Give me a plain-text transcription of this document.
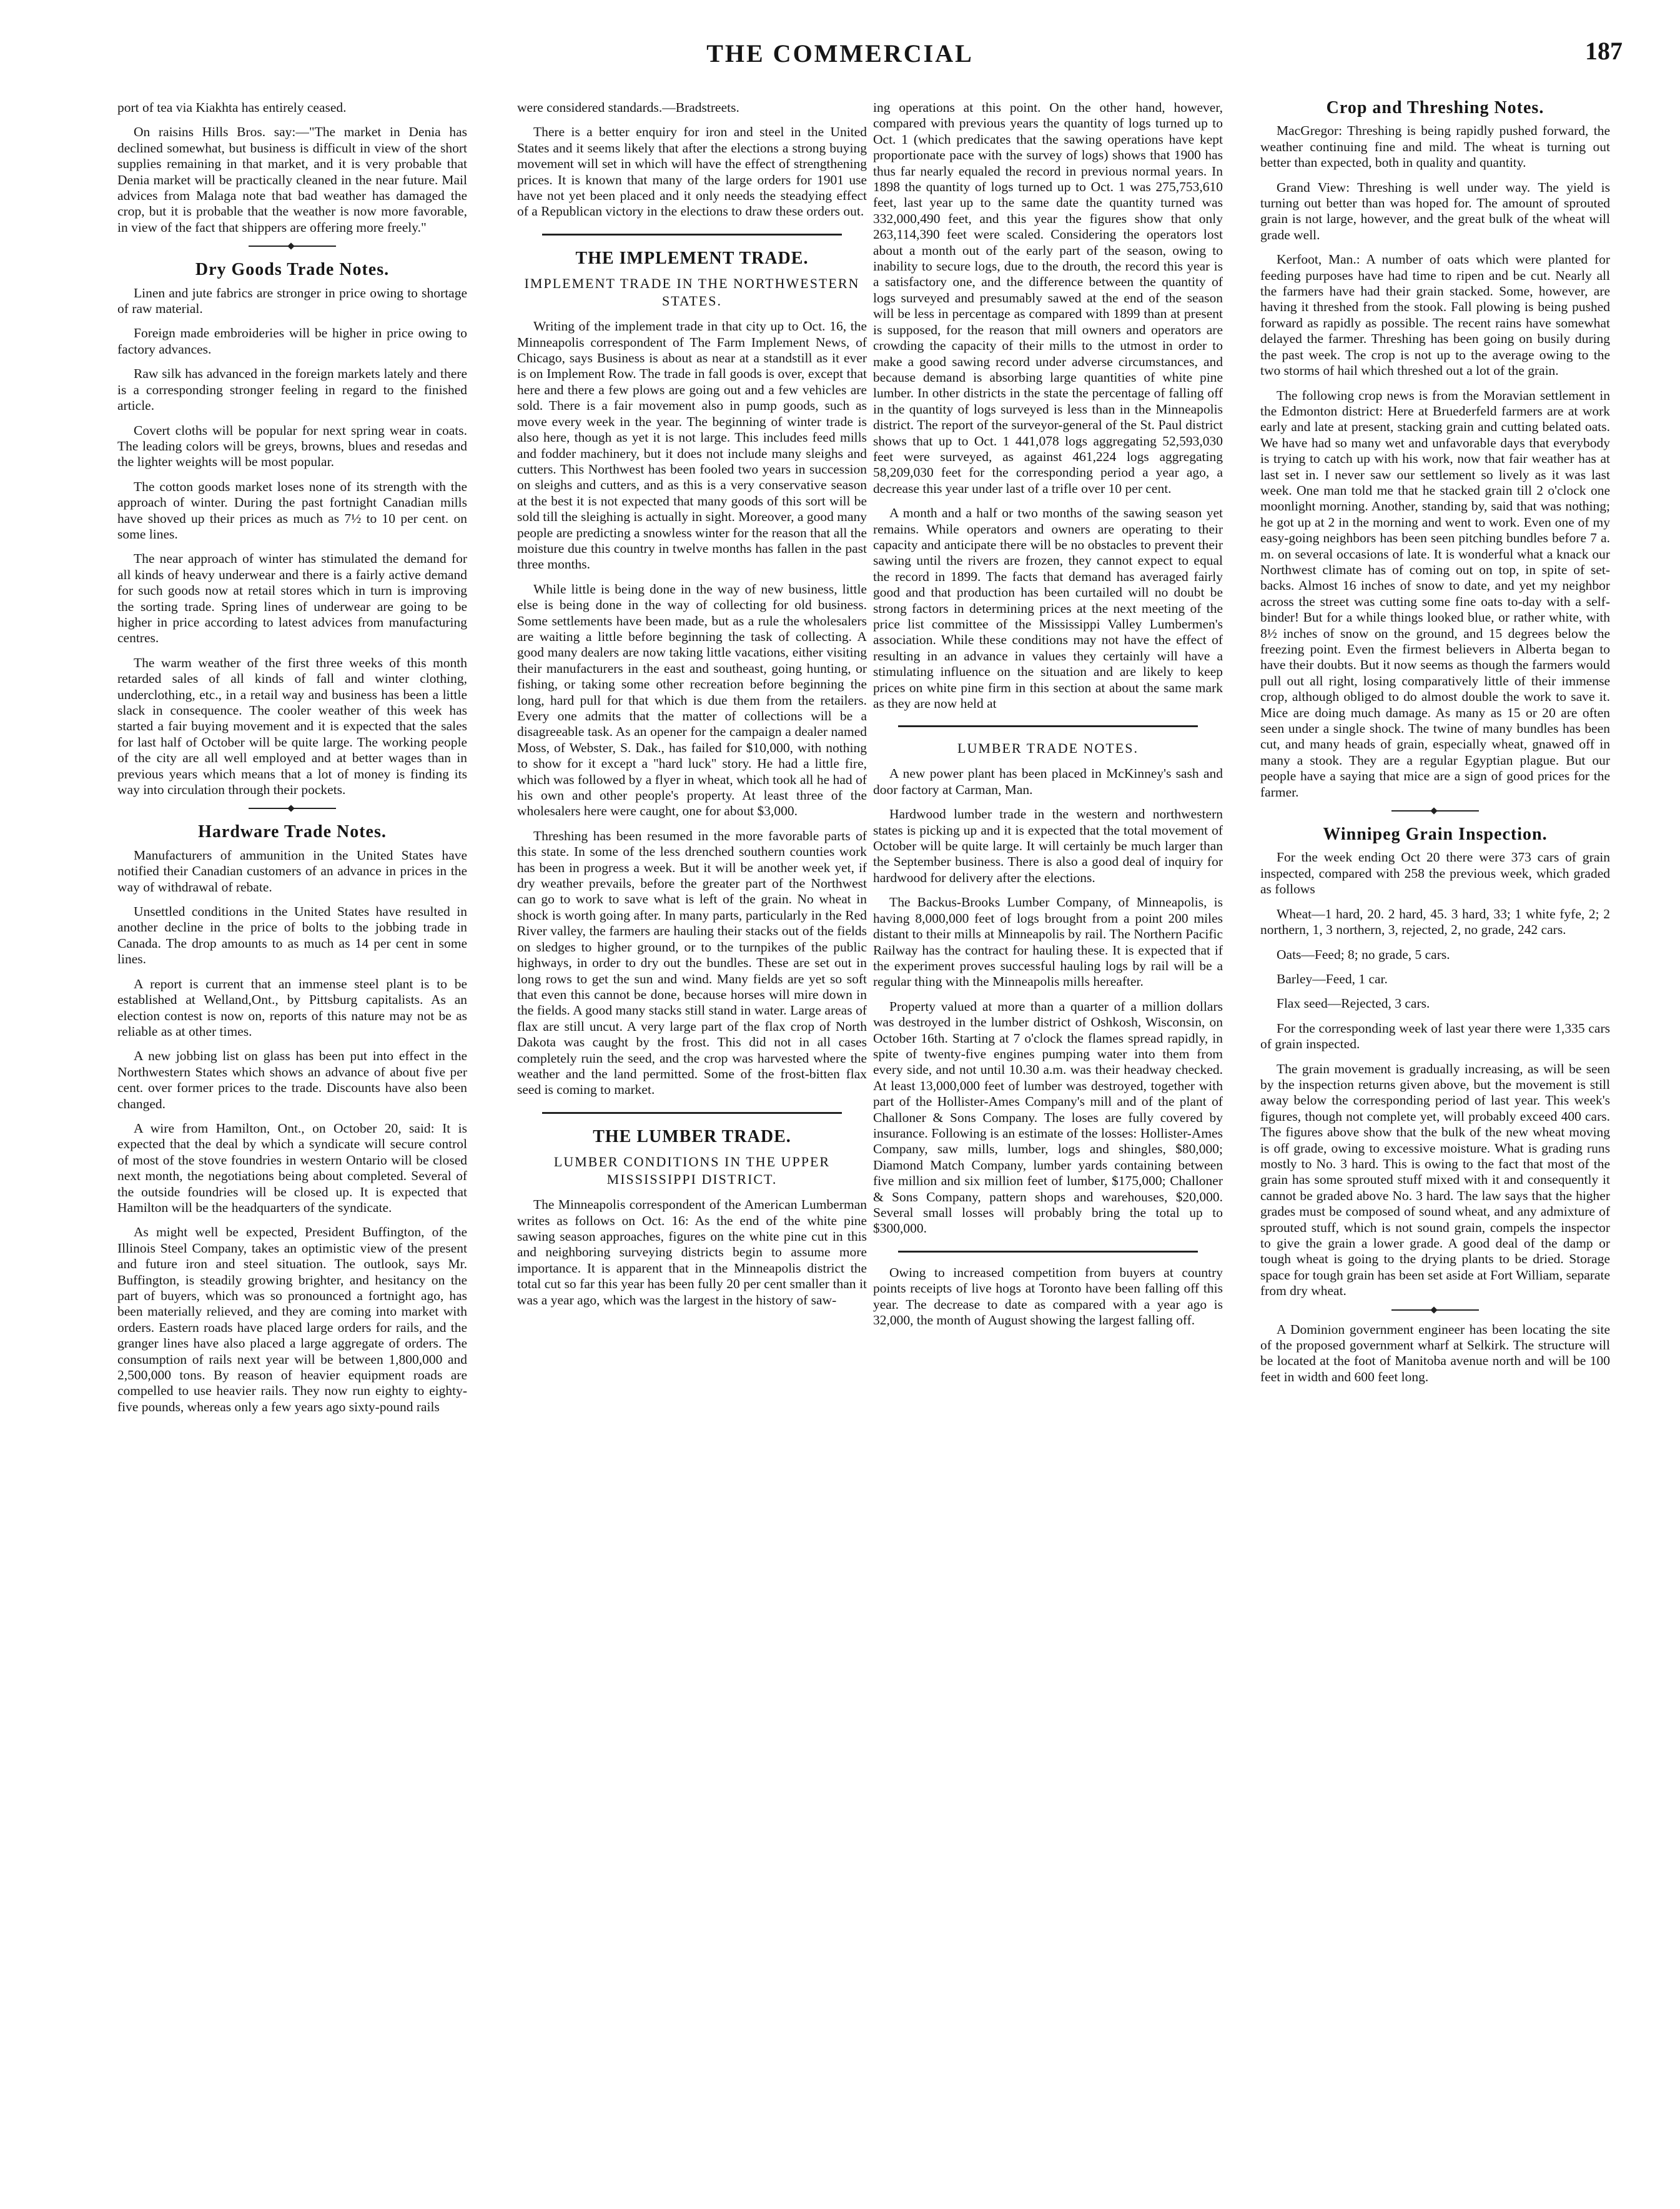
THE COMMERCIAL	187

port of tea via Kiakhta has entirely ceased.

On raisins Hills Bros. say:—"The market in Denia has declined somewhat, but business is difficult in view of the short supplies remaining in that market, and it is very probable that Denia market will be practically cleaned in the near future. Mail advices from Malaga note that bad weather has damaged the crop, but it is probable that the weather is now more favorable, in view of the fact that shippers are offering more freely."

Dry Goods Trade Notes.

Linen and jute fabrics are stronger in price owing to shortage of raw material.

Foreign made embroideries will be higher in price owing to factory advances.

Raw silk has advanced in the foreign markets lately and there is a corresponding stronger feeling in regard to the finished article.

Covert cloths will be popular for next spring wear in coats. The leading colors will be greys, browns, blues and resedas and the lighter weights will be most popular.

The cotton goods market loses none of its strength with the approach of winter. During the past fortnight Canadian mills have shoved up their prices as much as 7½ to 10 per cent. on some lines.

The near approach of winter has stimulated the demand for all kinds of heavy underwear and there is a fairly active demand for such goods now at retail stores which in turn is improving the sorting trade. Spring lines of underwear are going to be higher in price according to latest advices from manufacturing centres.

The warm weather of the first three weeks of this month retarded sales of all kinds of fall and winter clothing, underclothing, etc., in a retail way and business has been a little slack in consequence. The cooler weather of this week has started a fair buying movement and it is expected that the sales for last half of October will be quite large. The working people of the city are all well employed and at better wages than in previous years which means that a lot of money is finding its way into circulation through their pockets.

Hardware Trade Notes.

Manufacturers of ammunition in the United States have notified their Canadian customers of an advance in prices in the way of withdrawal of rebate.

Unsettled conditions in the United States have resulted in another decline in the price of bolts to the jobbing trade in Canada. The drop amounts to as much as 14 per cent in some lines.

A report is current that an immense steel plant is to be established at Welland,Ont., by Pittsburg capitalists. As an election contest is now on, reports of this nature may not be as reliable as at other times.

A new jobbing list on glass has been put into effect in the Northwestern States which shows an advance of about five per cent. over former prices to the trade. Discounts have also been changed.

A wire from Hamilton, Ont., on October 20, said: It is expected that the deal by which a syndicate will secure control of most of the stove foundries in western Ontario will be closed next month, the negotiations being about completed. Several of the outside foundries will be closed up. It is expected that Hamilton will be the headquarters of the syndicate.

As might well be expected, President Buffington, of the Illinois Steel Company, takes an optimistic view of the present and future iron and steel situation. The outlook, says Mr. Buffington, is steadily growing brighter, and hesitancy on the part of buyers, which was so pronounced a fortnight ago, has been materially relieved, and they are coming into market with orders. Eastern roads have placed large orders for rails, and the granger lines have also placed a large aggregate of orders. The consumption of rails next year will be between 1,800,000 and 2,500,000 tons. By reason of heavier equipment roads are compelled to use heavier rails. They now run eighty to eighty-five pounds, whereas only a few years ago sixty-pound rails

were considered standards.—Bradstreets.

There is a better enquiry for iron and steel in the United States and it seems likely that after the elections a strong buying movement will set in which will have the effect of strengthening prices. It is known that many of the large orders for 1901 use have not yet been placed and it only needs the steadying effect of a Republican victory in the elections to draw these orders out.

THE IMPLEMENT TRADE.
IMPLEMENT TRADE IN THE NORTHWESTERN STATES.

Writing of the implement trade in that city up to Oct. 16, the Minneapolis correspondent of The Farm Implement News, of Chicago, says Business is about as near at a standstill as it ever is on Implement Row. The trade in fall goods is over, except that here and there a few plows are going out and a few vehicles are sold. There is a fair movement also in pump goods, such as move every week in the year. The beginning of winter trade is also here, though as yet it is not large. This includes feed mills and fodder machinery, but it does not include many sleighs and cutters. This Northwest has been fooled two years in succession on sleighs and cutters, and as this is a very conservative season at the best it is not expected that many goods of this sort will be sold till the sleighing is actually in sight. Moreover, a good many people are predicting a snowless winter for the reason that all the moisture due this country in twelve months has fallen in the past three months.

While little is being done in the way of new business, little else is being done in the way of collecting for old business. Some settlements have been made, but as a rule the wholesalers are waiting a little before beginning the task of collecting. A good many dealers are now taking little vacations, either visiting their manufacturers in the east and southeast, going hunting, or fishing, or taking some other recreation before beginning the long, hard pull for that which is due them from the retailers. Every one admits that the matter of collections will be a disagreeable task. As an opener for the campaign a dealer named Moss, of Webster, S. Dak., has failed for $10,000, with nothing to show for it except a "hard luck" story. He had a little fire, which was followed by a flyer in wheat, which took all he had of his own and other people's property. At least three of the wholesalers here were caught, one for about $3,000.

Threshing has been resumed in the more favorable parts of this state. In some of the less drenched southern counties work has been in progress a week. But it will be another week yet, if dry weather prevails, before the greater part of the Northwest can go to work to save what is left of the grain. No wheat in shock is worth going after. In many parts, particularly in the Red River valley, the farmers are hauling their stacks out of the fields on sledges to higher ground, or to the turnpikes of the public highways, in order to dry out the bundles. These are set out in long rows to get the sun and wind. Many fields are yet so soft that even this cannot be done, because horses will mire down in the fields. A good many stacks still stand in water. Large areas of flax are still uncut. A very large part of the flax crop of North Dakota was caught by the frost. This did not in all cases completely ruin the seed, and the crop was harvested where the weather and the land permitted. Some of the frost-bitten flax seed is coming to market.

THE LUMBER TRADE.
LUMBER CONDITIONS IN THE UPPER MISSISSIPPI DISTRICT.

The Minneapolis correspondent of the American Lumberman writes as follows on Oct. 16: As the end of the white pine sawing season approaches, figures on the white pine cut in this and neighboring surveying districts begin to assume more importance. It is apparent that in the Minneapolis district the total cut so far this year has been fully 20 per cent smaller than it was a year ago, which was the largest in the history of saw-

ing operations at this point. On the other hand, however, compared with previous years the quantity of logs turned up to Oct. 1 (which predicates that the sawing operations have kept proportionate pace with the survey of logs) shows that 1900 has thus far nearly equaled the record in previous normal years. In 1898 the quantity of logs turned up to Oct. 1 was 275,753,610 feet, last year up to the same date the quantity turned was 332,000,490 feet, and this year the figures show that only 263,114,390 feet were scaled. Considering the operators lost about a month out of the early part of the season, owing to inability to secure logs, due to the drouth, the record this year is a satisfactory one, and the difference between the quantity of logs surveyed and presumably sawed at the end of the season will be less in percentage as compared with 1899 than at present is supposed, for the reason that mill owners and operators are crowding the capacity of their mills to the utmost in order to make a good sawing record under adverse circumstances, and because demand is absorbing large quantities of white pine lumber. In other districts in the state the percentage of falling off in the quantity of logs surveyed is less than in the Minneapolis district. The report of the surveyor-general of the St. Paul district shows that up to Oct. 1 441,078 logs aggregating 52,593,030 feet were surveyed, as against 461,224 logs aggregating 58,209,030 feet for the corresponding period a year ago, a decrease this year under last of a trifle over 10 per cent.

A month and a half or two months of the sawing season yet remains. While operators and owners are operating to their capacity and anticipate there will be no obstacles to prevent their sawing until the rivers are frozen, they cannot expect to equal the record in 1899. The facts that demand has averaged fairly good and that production has been curtailed will no doubt be strong factors in determining prices at the next meeting of the price list committee of the Mississippi Valley Lumbermen's association. While these conditions may not have the effect of resulting in an advance in values they certainly will have a stimulating influence on the situation and are likely to keep prices on white pine firm in this section at about the same mark as they are now held at

LUMBER TRADE NOTES.

A new power plant has been placed in McKinney's sash and door factory at Carman, Man.

Hardwood lumber trade in the western and northwestern states is picking up and it is expected that the total movement of October will be quite large. It will certainly be much larger than the September business. There is also a good deal of inquiry for hardwood for delivery after the elections.

The Backus-Brooks Lumber Company, of Minneapolis, is having 8,000,000 feet of logs brought from a point 200 miles distant to their mills at Minneapolis by rail. The Northern Pacific Railway has the contract for hauling these. It is expected that if the experiment proves successful hauling logs by rail will be a regular thing with the Minneapolis mills hereafter.

Property valued at more than a quarter of a million dollars was destroyed in the lumber district of Oshkosh, Wisconsin, on October 16th. Starting at 7 o'clock the flames spread rapidly, in spite of twenty-five engines pumping water into them from every side, and not until 10.30 a.m. was their headway checked. At least 13,000,000 feet of lumber was destroyed, together with part of the Hollister-Ames Company's mill and of the plant of Challoner & Sons Company. The loses are fully covered by insurance. Following is an estimate of the losses: Hollister-Ames Company, saw mills, lumber, logs and shingles, $80,000; Diamond Match Company, lumber yards containing between five million and six million feet of lumber, $175,000; Challoner & Sons Company, pattern shops and warehouses, $20,000. Several small losses will probably bring the total up to $300,000.

Owing to increased competition from buyers at country points receipts of live hogs at Toronto have been falling off this year. The decrease to date as compared with a year ago is 32,000, the month of August showing the largest falling off.

Crop and Threshing Notes.

MacGregor: Threshing is being rapidly pushed forward, the weather continuing fine and mild. The wheat is turning out better than expected, both in quality and quantity.

Grand View: Threshing is well under way. The yield is turning out better than was hoped for. The amount of sprouted grain is not large, however, and the great bulk of the wheat will grade well.

Kerfoot, Man.: A number of oats which were planted for feeding purposes have had time to ripen and be cut. Nearly all the farmers have had their grain stacked. Some, however, are having it threshed from the stook. Fall plowing is being pushed forward as rapidly as possible. The recent rains have somewhat delayed the farmer. Threshing has been going on busily during the past week. The crop is not up to the average owing to the two storms of hail which threshed out a lot of the grain.

The following crop news is from the Moravian settlement in the Edmonton district: Here at Bruederfeld farmers are at work early and late at present, stacking grain and cutting belated oats. We have had so many wet and unfavorable days that everybody is trying to catch up with his work, now that fair weather has at last set in. I never saw our settlement so lively as it was last week. One man told me that he stacked grain till 2 o'clock one moonlight morning. Another, standing by, said that was nothing; he got up at 2 in the morning and went to work. Even one of my easy-going neighbors has been seen pitching bundles before 7 a. m. on several occasions of late. It is wonderful what a knack our Northwest climate has of coming out on top, in spite of set-backs. Almost 16 inches of snow to date, and yet my neighbor across the street was cutting some fine oats to-day with a self-binder! But for a while things looked blue, or rather white, with 8½ inches of snow on the ground, and 15 degrees below the freezing point. Even the firmest believers in Alberta began to have their doubts. But it now seems as though the farmers would pull out all right, losing comparatively little of their immense crop, although obliged to do almost double the work to save it. Mice are doing much damage. As many as 15 or 20 are often seen under a single shock. The twine of many bundles has been cut, and many heads of grain, especially wheat, gnawed off in many a stook. They are a regular Egyptian plague. But our people have a saying that mice are a sign of good prices for the farmer.

Winnipeg Grain Inspection.

For the week ending Oct 20 there were 373 cars of grain inspected, compared with 258 the previous week, which graded as follows

Wheat—1 hard, 20. 2 hard, 45. 3 hard, 33; 1 white fyfe, 2; 2 northern, 1, 3 northern, 3, rejected, 2, no grade, 242 cars.

Oats—Feed; 8; no grade, 5 cars.

Barley—Feed, 1 car.

Flax seed—Rejected, 3 cars.

For the corresponding week of last year there were 1,335 cars of grain inspected.

The grain movement is gradually increasing, as will be seen by the inspection returns given above, but the movement is still away below the corresponding period of last year. This week's figures, though not complete yet, will probably exceed 400 cars. The figures above show that the bulk of the new wheat moving is off grade, owing to excessive moisture. What is grading runs mostly to No. 3 hard. This is owing to the fact that most of the grain has some sprouted stuff mixed with it and consequently it cannot be graded above No. 3 hard. The law says that the higher grades must be composed of sound wheat, and any admixture of sprouted stuff, which is not sound grain, compels the inspector to give the grain a lower grade. A good deal of the damp or tough wheat is going to the drying plants to be dried. Storage space for tough grain has been set aside at Fort William, separate from dry wheat.

A Dominion government engineer has been locating the site of the proposed government wharf at Selkirk. The structure will be located at the foot of Manitoba avenue north and will be 100 feet in width and 600 feet long.
